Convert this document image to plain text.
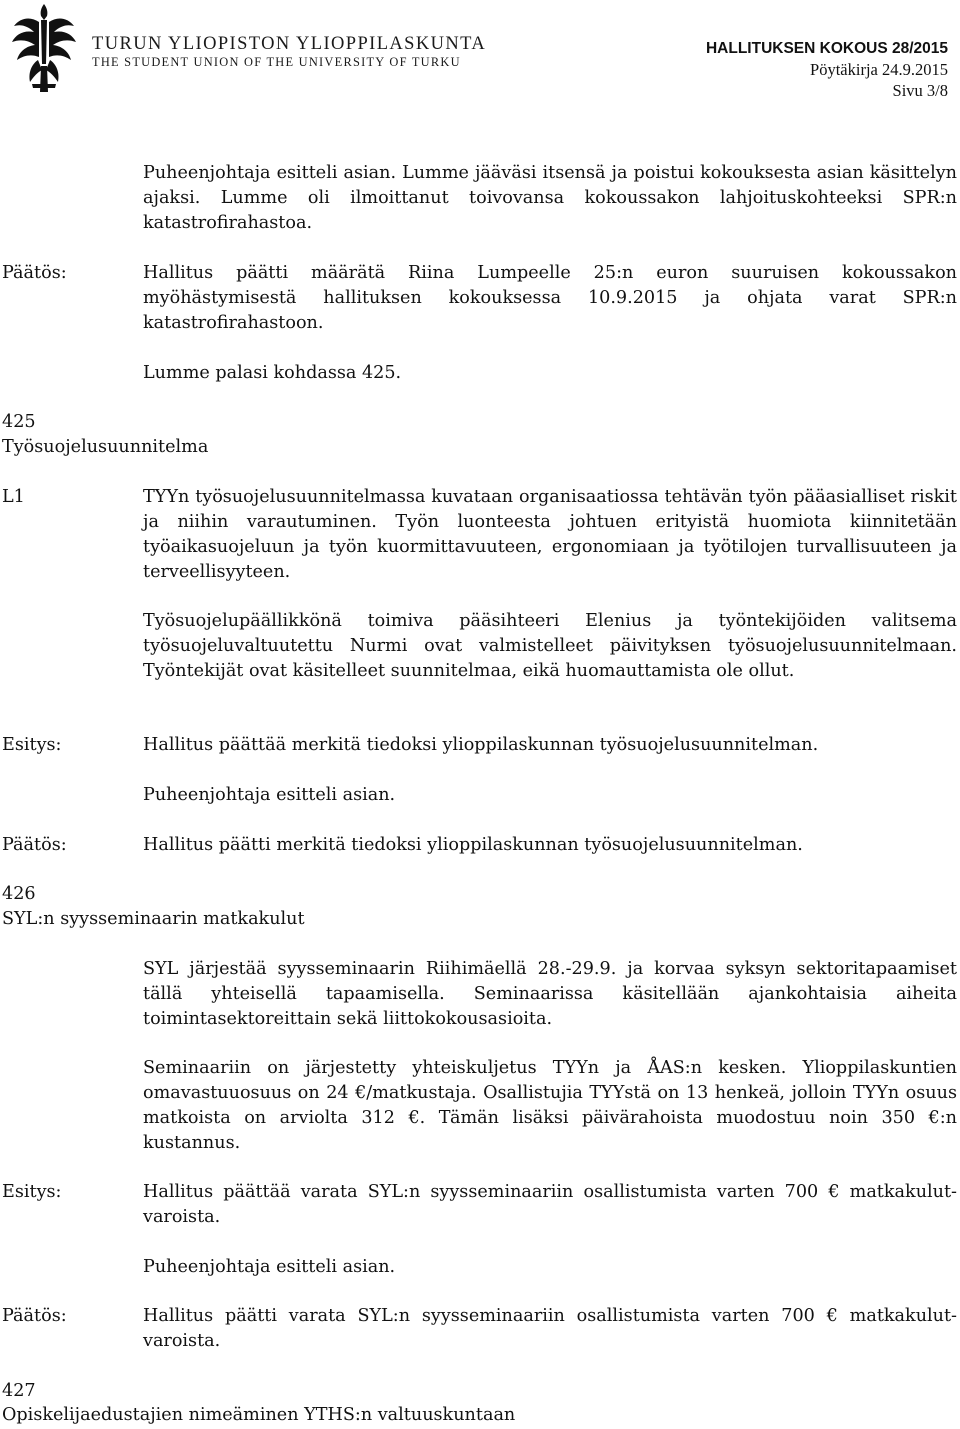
TURUN YLIOPISTON YLIOPPILASKUNTA
THE STUDENT UNION OF THE UNIVERSITY OF TURKU
HALLITUKSEN KOKOUS 28/2015
Pöytäkirja 24.9.2015
Sivu 3/8
Puheenjohtaja esitteli asian. Lumme jääväsi itsensä ja poistui kokouksesta asian käsittelyn ajaksi. Lumme oli ilmoittanut toivovansa kokoussakon lahjoituskohteeksi SPR:n katastrofirahastoa.
Päätös:	Hallitus päätti määrätä Riina Lumpeelle 25:n euron suuruisen kokoussakon myöhästymisestä hallituksen kokouksessa 10.9.2015 ja ohjata varat SPR:n katastrofirahastoon.
Lumme palasi kohdassa 425.
425
Työsuojelusuunnitelma
L1	TYYn työsuojelusuunnitelmassa kuvataan organisaatiossa tehtävän työn pääasialliset riskit ja niihin varautuminen. Työn luonteesta johtuen erityistä huomiota kiinnitetään työaikasuojeluun ja työn kuormittavuuteen, ergonomiaan ja työtilojen turvallisuuteen ja terveellisyyteen.
Työsuojelupäällikkönä toimiva pääsihteeri Elenius ja työntekijöiden valitsema työsuojeluvaltuutettu Nurmi ovat valmistelleet päivityksen työsuojelusuunnitelmaan. Työntekijät ovat käsitelleet suunnitelmaa, eikä huomauttamista ole ollut.
Esitys:	Hallitus päättää merkitä tiedoksi ylioppilaskunnan työsuojelusuunnitelman.
Puheenjohtaja esitteli asian.
Päätös:	Hallitus päätti merkitä tiedoksi ylioppilaskunnan työsuojelusuunnitelman.
426
SYL:n syysseminaarin matkakulut
SYL järjestää syysseminaarin Riihimäellä 28.-29.9. ja korvaa syksyn sektoritapaamiset tällä yhteisellä tapaamisella. Seminaarissa käsitellään ajankohtaisia aiheita toimintasektoreittain sekä liittokokousasioita.
Seminaariin on järjestetty yhteiskuljetus TYYn ja ÅAS:n kesken. Ylioppilaskuntien omavastuuosuus on 24 €/matkustaja. Osallistujia TYYstä on 13 henkeä, jolloin TYYn osuus matkoista on arviolta 312 €. Tämän lisäksi päivärahoista muodostuu noin 350 €:n kustannus.
Esitys:	Hallitus päättää varata SYL:n syysseminaariin osallistumista varten 700 € matkakulut-varoista.
Puheenjohtaja esitteli asian.
Päätös:	Hallitus päätti varata SYL:n syysseminaariin osallistumista varten 700 € matkakulut-varoista.
427
Opiskelijaedustajien nimeäminen YTHS:n valtuuskuntaan
